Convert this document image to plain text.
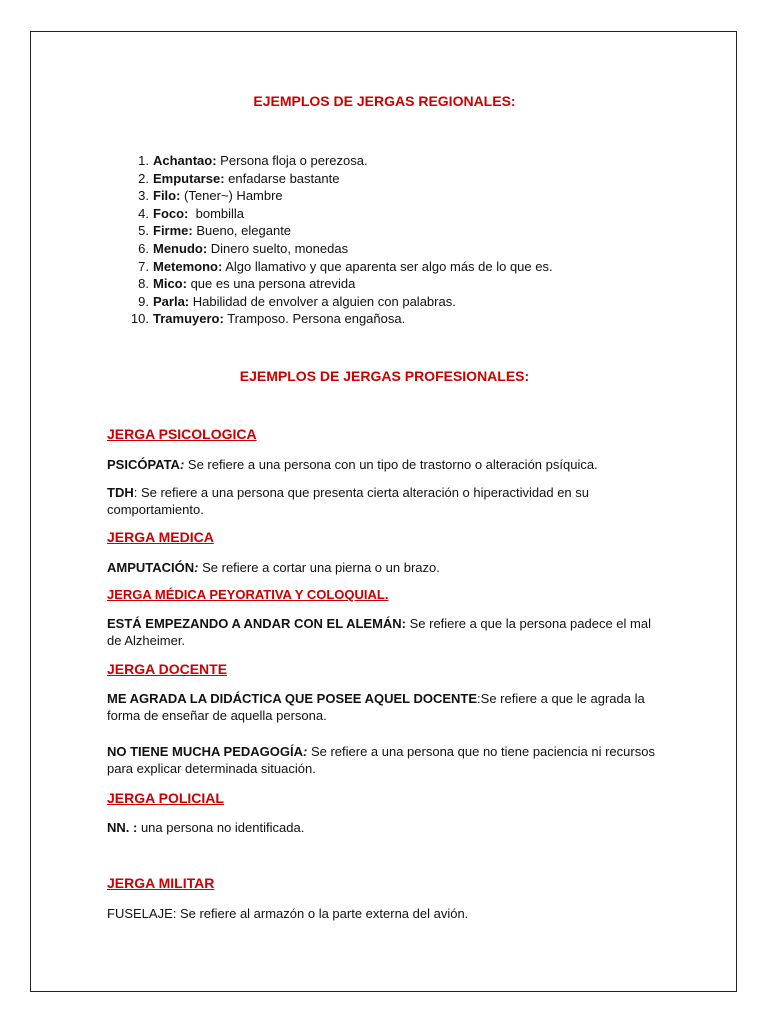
EJEMPLOS DE JERGAS REGIONALES:
1. Achantao: Persona floja o perezosa.
2. Emputarse: enfadarse bastante
3. Filo: (Tener~) Hambre
4. Foco:  bombilla
5. Firme: Bueno, elegante
6. Menudo: Dinero suelto, monedas
7. Metemono: Algo llamativo y que aparenta ser algo más de lo que es.
8. Mico: que es una persona atrevida
9. Parla: Habilidad de envolver a alguien con palabras.
10. Tramuyero: Tramposo. Persona engañosa.
EJEMPLOS DE JERGAS PROFESIONALES:
JERGA PSICOLOGICA
PSICÓPATA: Se refiere a una persona con un tipo de trastorno o alteración psíquica.
TDH: Se refiere a una persona que presenta cierta alteración o hiperactividad en su comportamiento.
JERGA MEDICA
AMPUTACIÓN: Se refiere a cortar una pierna o un brazo.
JERGA MÉDICA PEYORATIVA Y COLOQUIAL.
ESTÁ EMPEZANDO A ANDAR CON EL ALEMÁN: Se refiere a que la persona padece el mal de Alzheimer.
JERGA DOCENTE
ME AGRADA LA DIDÁCTICA QUE POSEE AQUEL DOCENTE:Se refiere a que le agrada la forma de enseñar de aquella persona.
NO TIENE MUCHA PEDAGOGÍA: Se refiere a una persona que no tiene paciencia ni recursos para explicar determinada situación.
JERGA POLICIAL
NN. : una persona no identificada.
JERGA MILITAR
FUSELAJE: Se refiere al armazón o la parte externa del avión.
